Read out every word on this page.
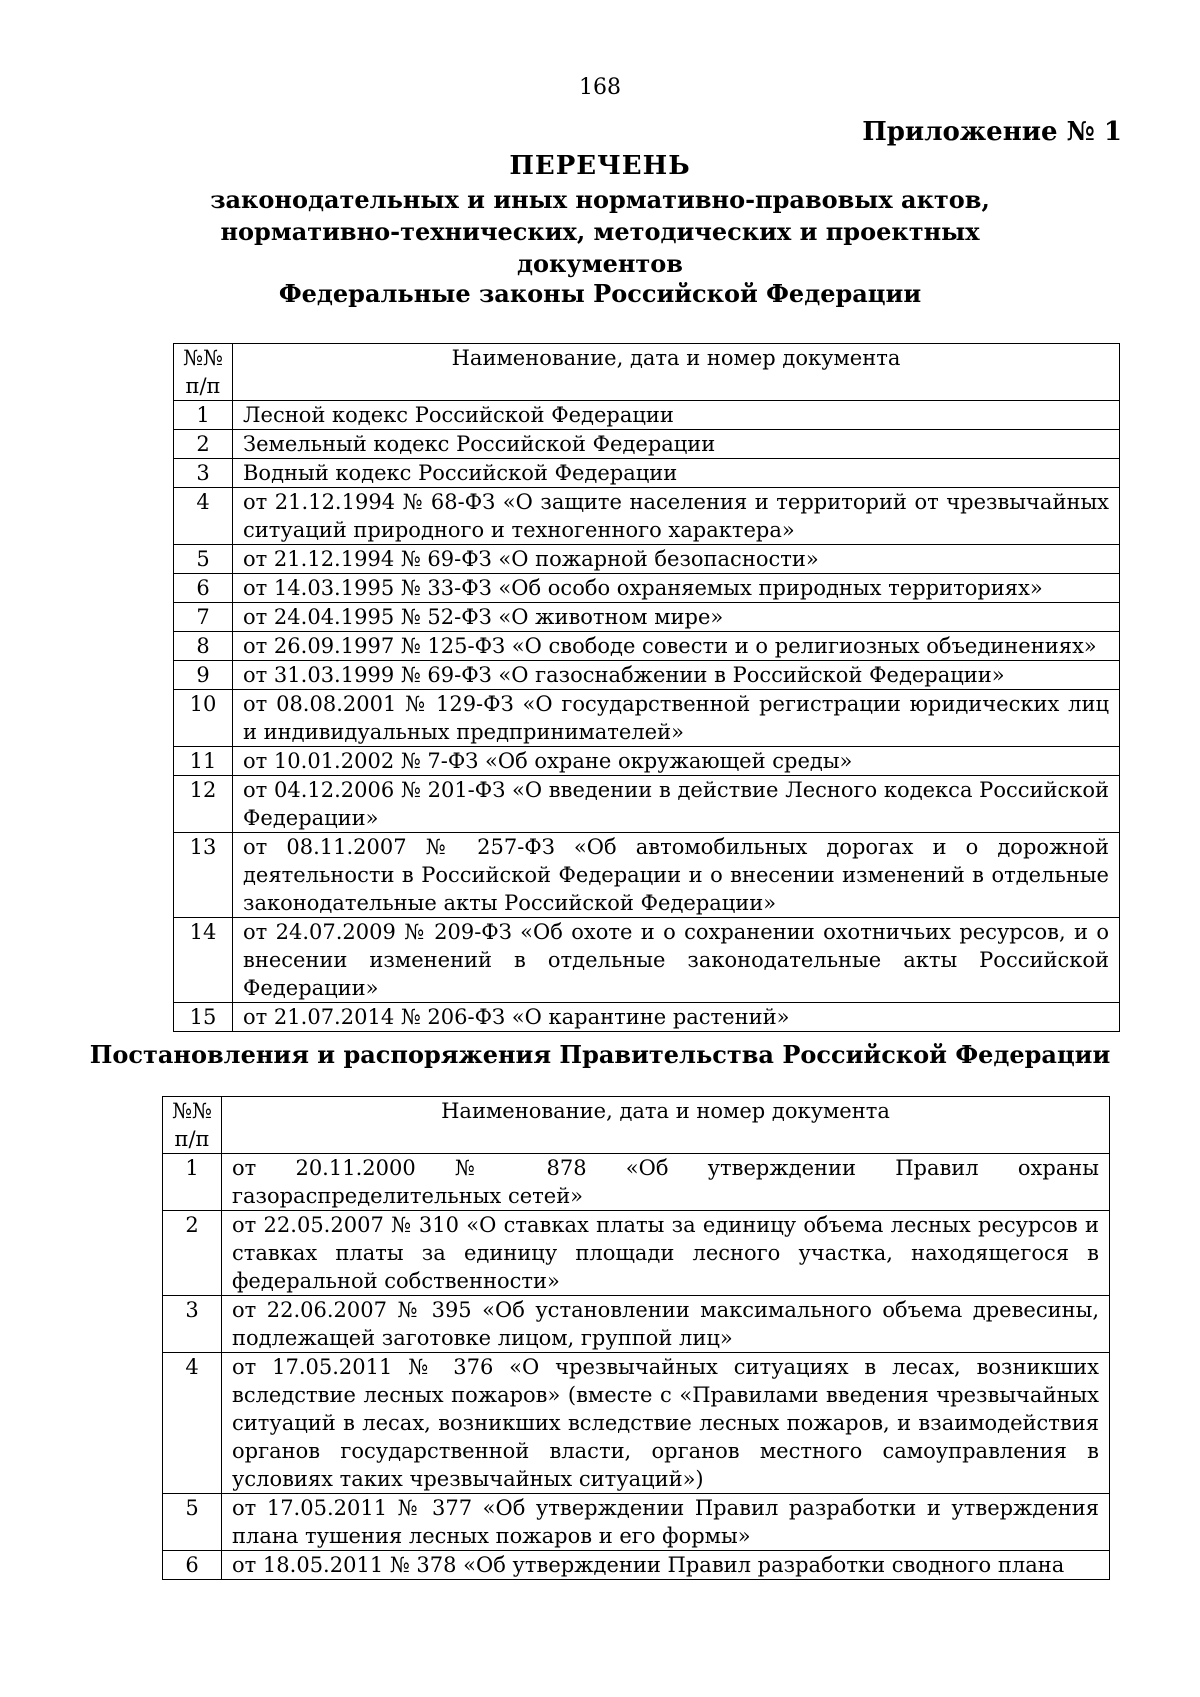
168
Приложение № 1
ПЕРЕЧЕНЬ
законодательных и иных нормативно-правовых актов, нормативно-технических, методических и проектных документов
Федеральные законы Российской Федерации
№№ п/п	Наименование, дата и номер документа
1	Лесной кодекс Российской Федерации
2	Земельный кодекс Российской Федерации
3	Водный кодекс Российской Федерации
4	от 21.12.1994 № 68-ФЗ «О защите населения и территорий от чрезвычайных ситуаций природного и техногенного характера»
5	от 21.12.1994 № 69-ФЗ «О пожарной безопасности»
6	от 14.03.1995 № 33-ФЗ «Об особо охраняемых природных территориях»
7	от 24.04.1995 № 52-ФЗ «О животном мире»
8	от 26.09.1997 № 125-ФЗ «О свободе совести и о религиозных объединениях»
9	от 31.03.1999 № 69-ФЗ «О газоснабжении в Российской Федерации»
10	от 08.08.2001 № 129-ФЗ «О государственной регистрации юридических лиц и индивидуальных предпринимателей»
11	от 10.01.2002 № 7-ФЗ «Об охране окружающей среды»
12	от 04.12.2006 № 201-ФЗ «О введении в действие Лесного кодекса Российской Федерации»
13	от 08.11.2007 № 257-ФЗ «Об автомобильных дорогах и о дорожной деятельности в Российской Федерации и о внесении изменений в отдельные законодательные акты Российской Федерации»
14	от 24.07.2009 № 209-ФЗ «Об охоте и о сохранении охотничьих ресурсов, и о внесении изменений в отдельные законодательные акты Российской Федерации»
15	от 21.07.2014 № 206-ФЗ «О карантине растений»
Постановления и распоряжения Правительства Российской Федерации
№№ п/п	Наименование, дата и номер документа
1	от 20.11.2000 № 878 «Об утверждении Правил охраны газораспределительных сетей»
2	от 22.05.2007 № 310 «О ставках платы за единицу объема лесных ресурсов и ставках платы за единицу площади лесного участка, находящегося в федеральной собственности»
3	от 22.06.2007 № 395 «Об установлении максимального объема древесины, подлежащей заготовке лицом, группой лиц»
4	от 17.05.2011 № 376 «О чрезвычайных ситуациях в лесах, возникших вследствие лесных пожаров» (вместе с «Правилами введения чрезвычайных ситуаций в лесах, возникших вследствие лесных пожаров, и взаимодействия органов государственной власти, органов местного самоуправления в условиях таких чрезвычайных ситуаций»)
5	от 17.05.2011 № 377 «Об утверждении Правил разработки и утверждения плана тушения лесных пожаров и его формы»
6	от 18.05.2011 № 378 «Об утверждении Правил разработки сводного плана
